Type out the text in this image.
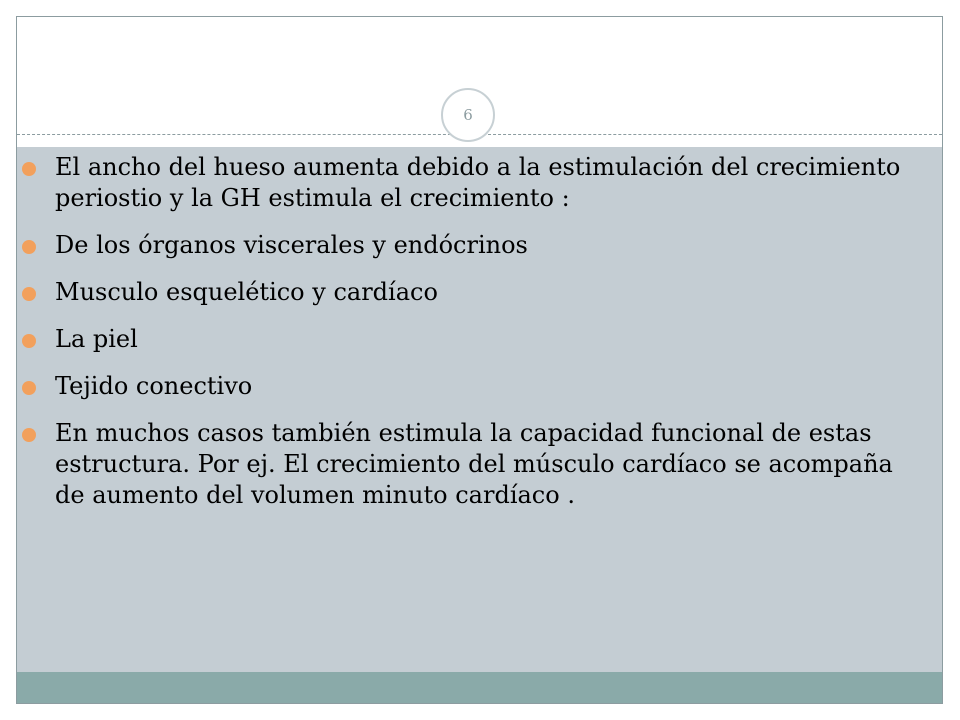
6
El ancho del hueso aumenta debido a la estimulación del crecimiento periostio y la GH estimula el crecimiento :
De los órganos viscerales y endócrinos
Musculo esquelético y cardíaco
La piel
Tejido conectivo
En muchos casos también estimula la capacidad funcional de estas estructura. Por ej. El crecimiento del músculo cardíaco se acompaña de aumento del volumen minuto cardíaco .
